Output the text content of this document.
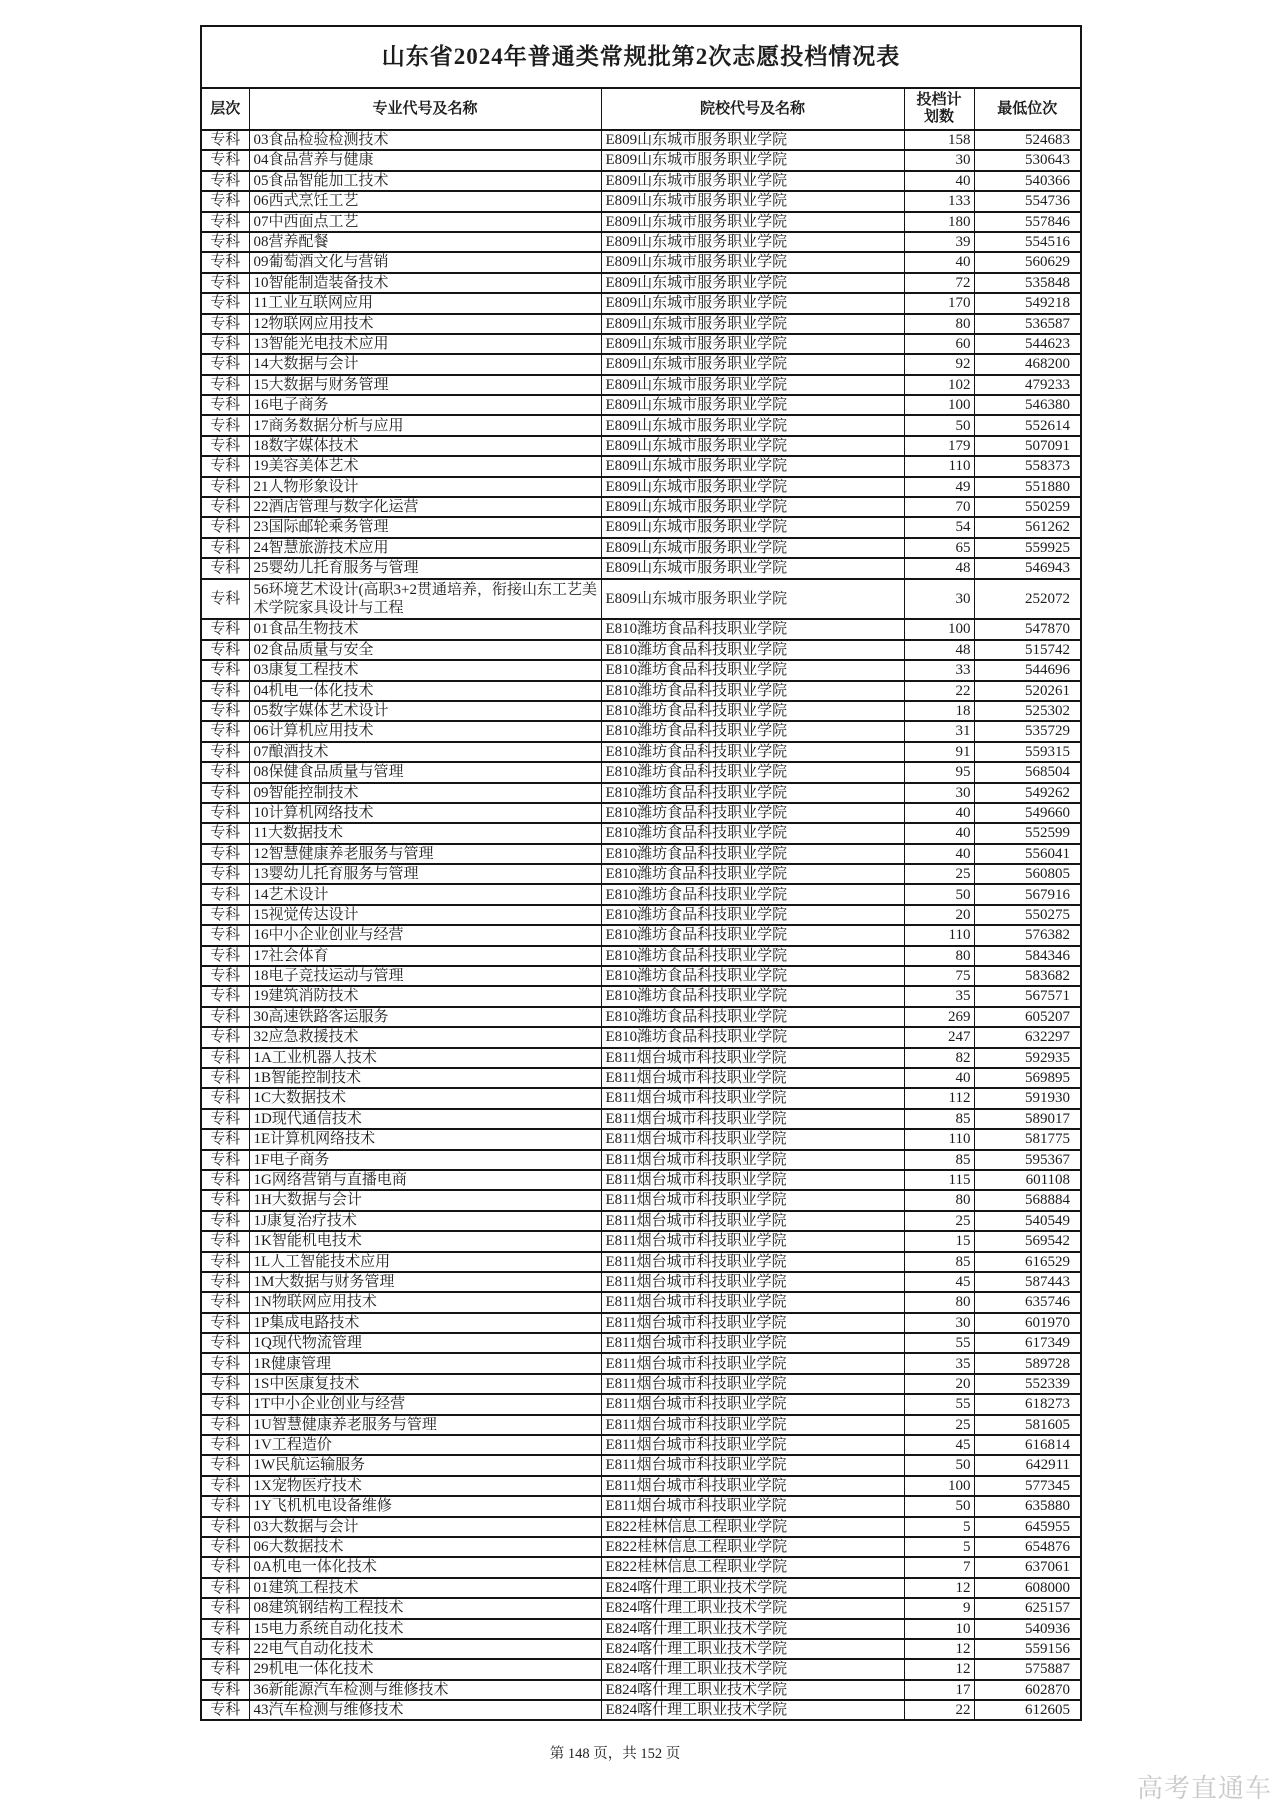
山东省2024年普通类常规批第2次志愿投档情况表				
层次	专业代号及名称	院校代号及名称	投档计划数	最低位次
专科	03食品检验检测技术	E809山东城市服务职业学院	158	524683
专科	04食品营养与健康	E809山东城市服务职业学院	30	530643
专科	05食品智能加工技术	E809山东城市服务职业学院	40	540366
专科	06西式烹饪工艺	E809山东城市服务职业学院	133	554736
专科	07中西面点工艺	E809山东城市服务职业学院	180	557846
专科	08营养配餐	E809山东城市服务职业学院	39	554516
专科	09葡萄酒文化与营销	E809山东城市服务职业学院	40	560629
专科	10智能制造装备技术	E809山东城市服务职业学院	72	535848
专科	11工业互联网应用	E809山东城市服务职业学院	170	549218
专科	12物联网应用技术	E809山东城市服务职业学院	80	536587
专科	13智能光电技术应用	E809山东城市服务职业学院	60	544623
专科	14大数据与会计	E809山东城市服务职业学院	92	468200
专科	15大数据与财务管理	E809山东城市服务职业学院	102	479233
专科	16电子商务	E809山东城市服务职业学院	100	546380
专科	17商务数据分析与应用	E809山东城市服务职业学院	50	552614
专科	18数字媒体技术	E809山东城市服务职业学院	179	507091
专科	19美容美体艺术	E809山东城市服务职业学院	110	558373
专科	21人物形象设计	E809山东城市服务职业学院	49	551880
专科	22酒店管理与数字化运营	E809山东城市服务职业学院	70	550259
专科	23国际邮轮乘务管理	E809山东城市服务职业学院	54	561262
专科	24智慧旅游技术应用	E809山东城市服务职业学院	65	559925
专科	25婴幼儿托育服务与管理	E809山东城市服务职业学院	48	546943
专科	56环境艺术设计(高职3+2贯通培养，衔接山东工艺美术学院家具设计与工程	E809山东城市服务职业学院	30	252072
专科	01食品生物技术	E810潍坊食品科技职业学院	100	547870
专科	02食品质量与安全	E810潍坊食品科技职业学院	48	515742
专科	03康复工程技术	E810潍坊食品科技职业学院	33	544696
专科	04机电一体化技术	E810潍坊食品科技职业学院	22	520261
专科	05数字媒体艺术设计	E810潍坊食品科技职业学院	18	525302
专科	06计算机应用技术	E810潍坊食品科技职业学院	31	535729
专科	07酿酒技术	E810潍坊食品科技职业学院	91	559315
专科	08保健食品质量与管理	E810潍坊食品科技职业学院	95	568504
专科	09智能控制技术	E810潍坊食品科技职业学院	30	549262
专科	10计算机网络技术	E810潍坊食品科技职业学院	40	549660
专科	11大数据技术	E810潍坊食品科技职业学院	40	552599
专科	12智慧健康养老服务与管理	E810潍坊食品科技职业学院	40	556041
专科	13婴幼儿托育服务与管理	E810潍坊食品科技职业学院	25	560805
专科	14艺术设计	E810潍坊食品科技职业学院	50	567916
专科	15视觉传达设计	E810潍坊食品科技职业学院	20	550275
专科	16中小企业创业与经营	E810潍坊食品科技职业学院	110	576382
专科	17社会体育	E810潍坊食品科技职业学院	80	584346
专科	18电子竞技运动与管理	E810潍坊食品科技职业学院	75	583682
专科	19建筑消防技术	E810潍坊食品科技职业学院	35	567571
专科	30高速铁路客运服务	E810潍坊食品科技职业学院	269	605207
专科	32应急救援技术	E810潍坊食品科技职业学院	247	632297
专科	1A工业机器人技术	E811烟台城市科技职业学院	82	592935
专科	1B智能控制技术	E811烟台城市科技职业学院	40	569895
专科	1C大数据技术	E811烟台城市科技职业学院	112	591930
专科	1D现代通信技术	E811烟台城市科技职业学院	85	589017
专科	1E计算机网络技术	E811烟台城市科技职业学院	110	581775
专科	1F电子商务	E811烟台城市科技职业学院	85	595367
专科	1G网络营销与直播电商	E811烟台城市科技职业学院	115	601108
专科	1H大数据与会计	E811烟台城市科技职业学院	80	568884
专科	1J康复治疗技术	E811烟台城市科技职业学院	25	540549
专科	1K智能机电技术	E811烟台城市科技职业学院	15	569542
专科	1L人工智能技术应用	E811烟台城市科技职业学院	85	616529
专科	1M大数据与财务管理	E811烟台城市科技职业学院	45	587443
专科	1N物联网应用技术	E811烟台城市科技职业学院	80	635746
专科	1P集成电路技术	E811烟台城市科技职业学院	30	601970
专科	1Q现代物流管理	E811烟台城市科技职业学院	55	617349
专科	1R健康管理	E811烟台城市科技职业学院	35	589728
专科	1S中医康复技术	E811烟台城市科技职业学院	20	552339
专科	1T中小企业创业与经营	E811烟台城市科技职业学院	55	618273
专科	1U智慧健康养老服务与管理	E811烟台城市科技职业学院	25	581605
专科	1V工程造价	E811烟台城市科技职业学院	45	616814
专科	1W民航运输服务	E811烟台城市科技职业学院	50	642911
专科	1X宠物医疗技术	E811烟台城市科技职业学院	100	577345
专科	1Y飞机机电设备维修	E811烟台城市科技职业学院	50	635880
专科	03大数据与会计	E822桂林信息工程职业学院	5	645955
专科	06大数据技术	E822桂林信息工程职业学院	5	654876
专科	0A机电一体化技术	E822桂林信息工程职业学院	7	637061
专科	01建筑工程技术	E824喀什理工职业技术学院	12	608000
专科	08建筑钢结构工程技术	E824喀什理工职业技术学院	9	625157
专科	15电力系统自动化技术	E824喀什理工职业技术学院	10	540936
专科	22电气自动化技术	E824喀什理工职业技术学院	12	559156
专科	29机电一体化技术	E824喀什理工职业技术学院	12	575887
专科	36新能源汽车检测与维修技术	E824喀什理工职业技术学院	17	602870
专科	43汽车检测与维修技术	E824喀什理工职业技术学院	22	612605
第 148 页，共 152 页
高考直通车
